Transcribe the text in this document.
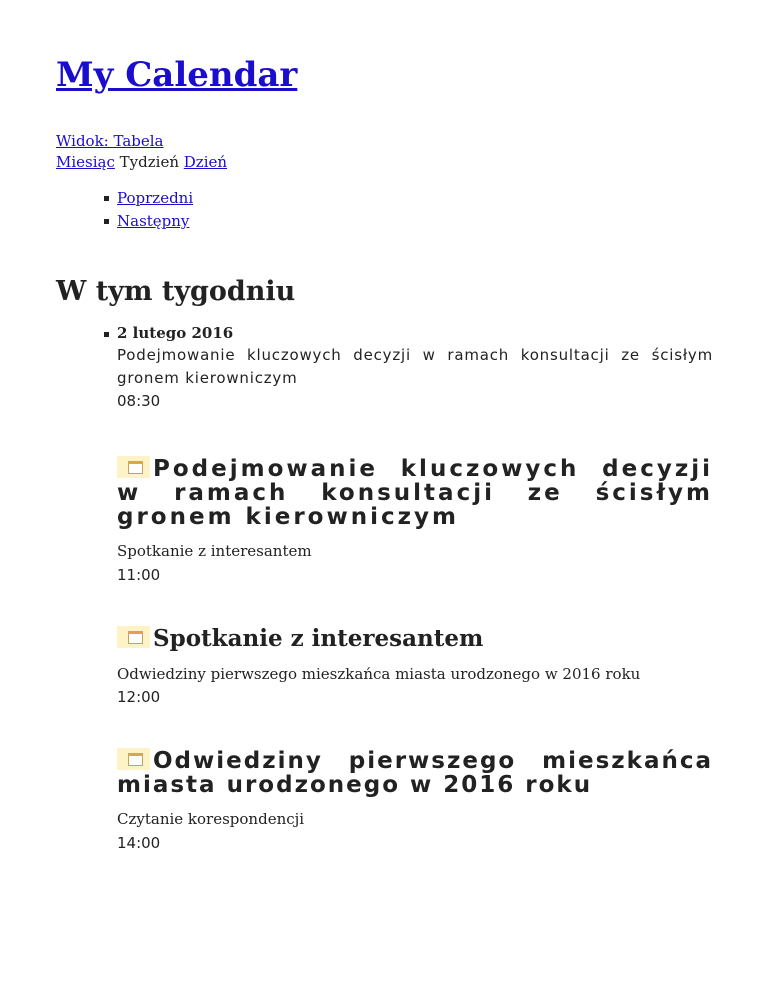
My Calendar
Widok: Tabela
Miesiąc Tydzień Dzień
Poprzedni
Następny
W tym tygodniu
2 lutego 2016
Podejmowanie kluczowych decyzji w ramach konsultacji ze ścisłym gronem kierowniczym
08:30
Podejmowanie kluczowych decyzji w ramach konsultacji ze ścisłym gronem kierowniczym
Spotkanie z interesantem
11:00
Spotkanie z interesantem
Odwiedziny pierwszego mieszkańca miasta urodzonego w 2016 roku
12:00
Odwiedziny pierwszego mieszkańca miasta urodzonego w 2016 roku
Czytanie korespondencji
14:00
